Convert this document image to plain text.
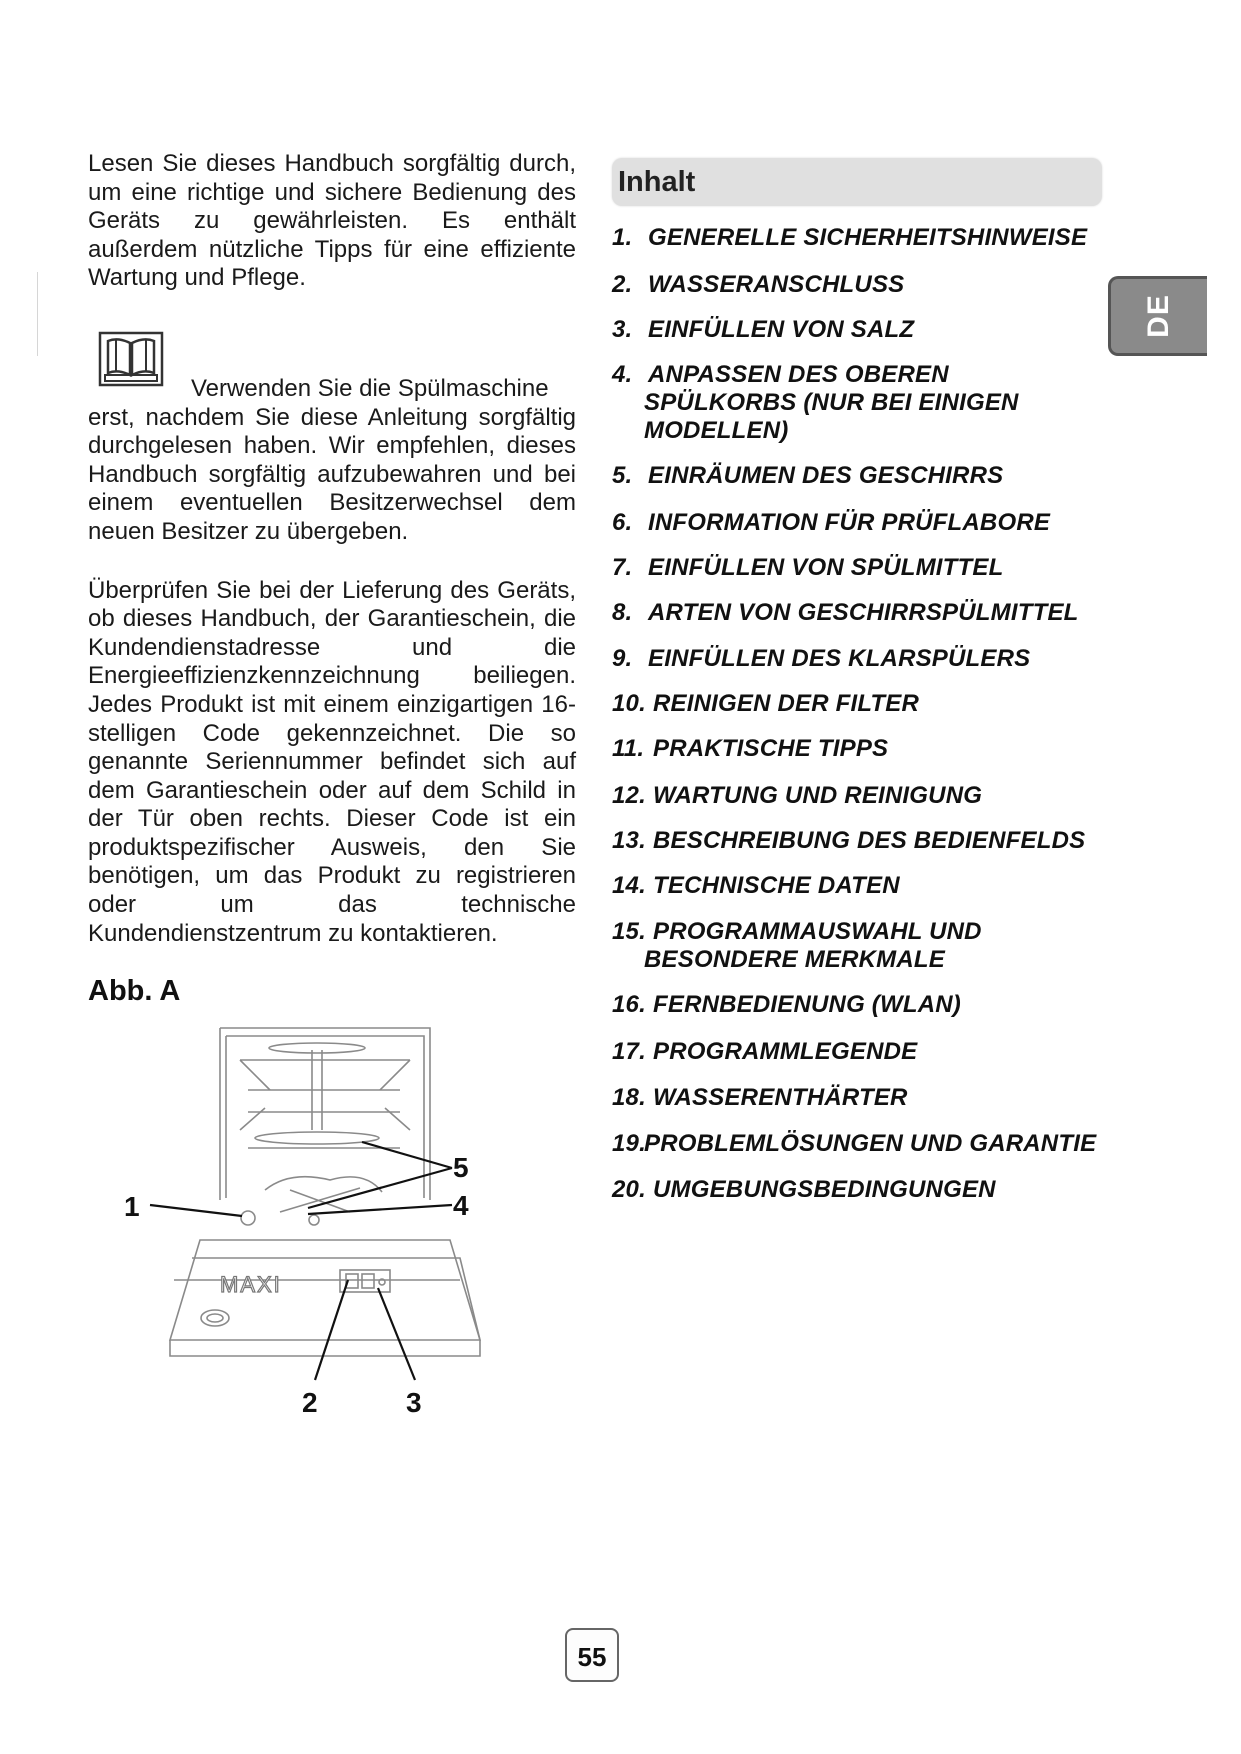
Lesen Sie dieses Handbuch sorgfältig durch, um eine richtige und sichere Bedienung des Geräts zu gewährleisten. Es enthält außerdem nützliche Tipps für eine effiziente Wartung und Pflege.

Verwenden Sie die Spülmaschine erst, nachdem Sie diese Anleitung sorgfältig durchgelesen haben. Wir empfehlen, dieses Handbuch sorgfältig aufzubewahren und bei einem eventuellen Besitzerwechsel dem neuen Besitzer zu übergeben.

Überprüfen Sie bei der Lieferung des Geräts, ob dieses Handbuch, der Garantieschein, die Kundendienstadresse und die Energieeffizienzkennzeichnung beiliegen. Jedes Produkt ist mit einem einzigartigen 16-stelligen Code gekennzeichnet. Die so genannte Seriennummer befindet sich auf dem Garantieschein oder auf dem Schild in der Tür oben rechts. Dieser Code ist ein produktspezifischer Ausweis, den Sie benötigen, um das Produkt zu registrieren oder um das technische Kundendienstzentrum zu kontaktieren.

Abb. A
MAXI
1
2	3
4
5
Inhalt
1. GENERELLE SICHERHEITSHINWEISE
2. WASSERANSCHLUSS
3. EINFÜLLEN VON SALZ
4. ANPASSEN DES OBEREN
SPÜLKORBS (NUR BEI EINIGEN
MODELLEN)
5. EINRÄUMEN DES GESCHIRRS
6. INFORMATION FÜR PRÜFLABORE
7. EINFÜLLEN VON SPÜLMITTEL
8. ARTEN VON GESCHIRRSPÜLMITTEL
9. EINFÜLLEN DES KLARSPÜLERS
10. REINIGEN DER FILTER
11. PRAKTISCHE TIPPS
12. WARTUNG UND REINIGUNG
13. BESCHREIBUNG DES BEDIENFELDS
14. TECHNISCHE DATEN
15. PROGRAMMAUSWAHL UND
BESONDERE MERKMALE
16. FERNBEDIENUNG (WLAN)
17. PROGRAMMLEGENDE
18. WASSERENTHÄRTER
19.PROBLEMLÖSUNGEN UND GARANTIE
20. UMGEBUNGSBEDINGUNGEN
DE
55
